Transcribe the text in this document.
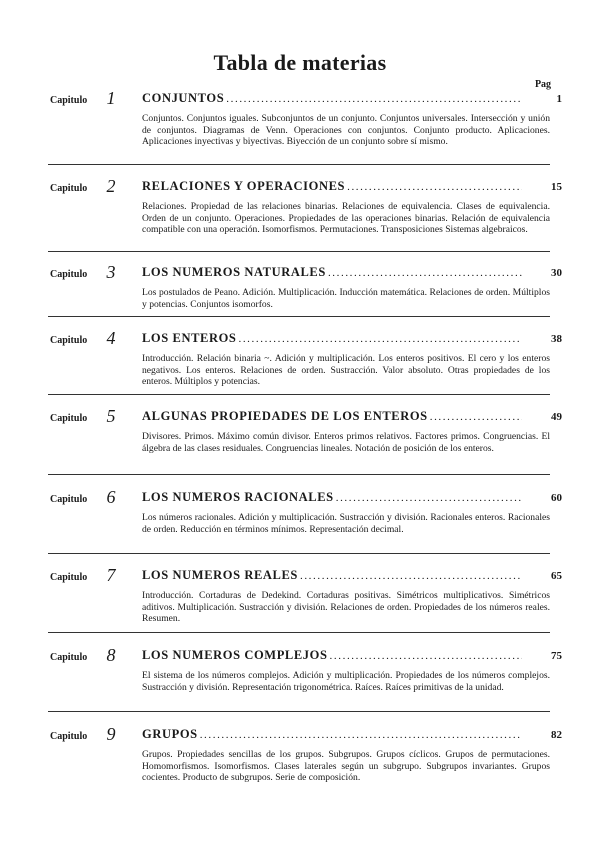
Tabla de materias
Pag
Capitulo	1	CONJUNTOS .....	1
Conjuntos. Conjuntos iguales. Subconjuntos de un conjunto. Conjuntos universales. Intersección y unión de conjuntos. Diagramas de Venn. Operaciones con conjuntos. Conjunto producto. Aplicaciones. Aplicaciones inyectivas y biyectivas. Biyección de un conjunto sobre sí mismo.
Capitulo	2	RELACIONES Y OPERACIONES .....	15
Relaciones. Propiedad de las relaciones binarias. Relaciones de equivalencia. Clases de equivalencia. Orden de un conjunto. Operaciones. Propiedades de las operaciones binarias. Relación de equivalencia compatible con una operación. Isomorfismos. Permutaciones. Transposiciones Sistemas algebraicos.
Capitulo	3	LOS NUMEROS NATURALES .....	30
Los postulados de Peano. Adición. Multiplicación. Inducción matemática. Relaciones de orden. Múltiplos y potencias. Conjuntos isomorfos.
Capitulo	4	LOS ENTEROS .....	38
Introducción. Relación binaria ~. Adición y multiplicación. Los enteros positivos. El cero y los enteros negativos. Los enteros. Relaciones de orden. Sustracción. Valor absoluto. Otras propiedades de los enteros. Múltiplos y potencias.
Capitulo	5	ALGUNAS PROPIEDADES DE LOS ENTEROS .....	49
Divisores. Primos. Máximo común divisor. Enteros primos relativos. Factores primos. Congruencias. El álgebra de las clases residuales. Congruencias lineales. Notación de posición de los enteros.
Capitulo	6	LOS NUMEROS RACIONALES .....	60
Los números racionales. Adición y multiplicación. Sustracción y división. Racionales enteros. Racionales de orden. Reducción en términos mínimos. Representación decimal.
Capitulo	7	LOS NUMEROS REALES .....	65
Introducción. Cortaduras de Dedekind. Cortaduras positivas. Simétricos multiplicativos. Simétricos aditivos. Multiplicación. Sustracción y división. Relaciones de orden. Propiedades de los números reales. Resumen.
Capitulo	8	LOS NUMEROS COMPLEJOS .....	75
El sistema de los números complejos. Adición y multiplicación. Propiedades de los números complejos. Sustracción y división. Representación trigonométrica. Raíces. Raíces primitivas de la unidad.
Capitulo	9	GRUPOS .....	82
Grupos. Propiedades sencillas de los grupos. Subgrupos. Grupos cíclicos. Grupos de permutaciones. Homomorfismos. Isomorfismos. Clases laterales según un subgrupo. Subgrupos invariantes. Grupos cocientes. Producto de subgrupos. Serie de composición.
